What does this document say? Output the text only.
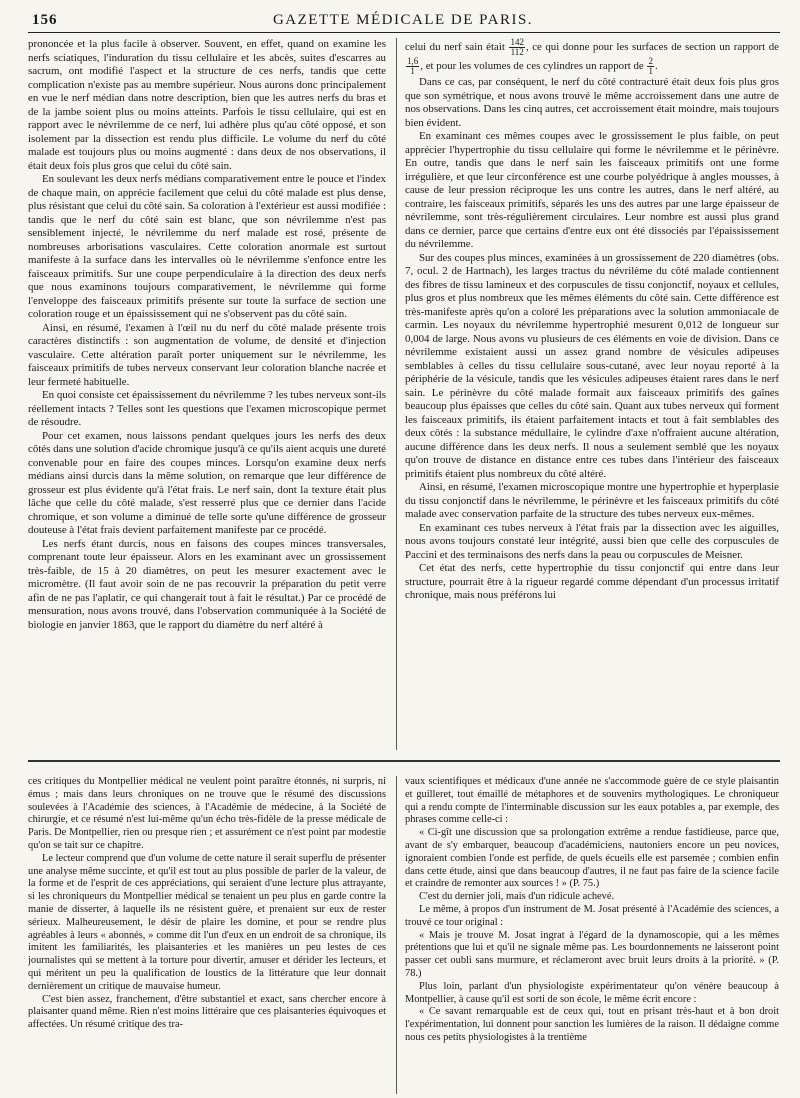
156	GAZETTE MÉDICALE DE PARIS.

prononcée et la plus facile à observer. Souvent, en effet, quand on examine les nerfs sciatiques, l'induration du tissu cellulaire et les abcès, suites d'escarres au sacrum, ont modifié l'aspect et la structure de ces nerfs, tandis que cette complication n'existe pas au membre supérieur. Nous aurons donc principalement en vue le nerf médian dans notre description, bien que les autres nerfs du bras et de la jambe soient plus ou moins atteints. Parfois le tissu cellulaire, qui est en rapport avec le névrilemme de ce nerf, lui adhère plus qu'au côté opposé, et son isolement par la dissection est rendu plus difficile. Le volume du nerf du côté malade est toujours plus ou moins augmenté : dans deux de nos observations, il était deux fois plus gros que celui du côté sain.

En soulevant les deux nerfs médians comparativement entre le pouce et l'index de chaque main, on apprécie facilement que celui du côté malade est plus dense, plus résistant que celui du côté sain. Sa coloration à l'extérieur est aussi modifiée : tandis que le nerf du côté sain est blanc, que son névrilemme n'est pas sensiblement injecté, le névrilemme du nerf malade est rosé, présente de nombreuses arborisations vasculaires. Cette coloration anormale est surtout manifeste à la surface dans les intervalles où le névrilemme s'enfonce entre les faisceaux primitifs. Sur une coupe perpendiculaire à la direction des deux nerfs que nous examinons toujours comparativement, le névrilemme qui forme l'enveloppe des faisceaux primitifs présente sur toute la surface de section une coloration rouge et un épaississement qui ne s'observent pas du côté sain.

Ainsi, en résumé, l'examen à l'œil nu du nerf du côté malade présente trois caractères distinctifs : son augmentation de volume, de densité et d'injection vasculaire. Cette altération paraît porter uniquement sur le névrilemme, les faisceaux primitifs de tubes nerveux conservant leur coloration blanche nacrée et leur fermeté habituelle.

En quoi consiste cet épaississement du névrilemme ? les tubes nerveux sont-ils réellement intacts ? Telles sont les questions que l'examen microscopique permet de résoudre.

Pour cet examen, nous laissons pendant quelques jours les nerfs des deux côtés dans une solution d'acide chromique jusqu'à ce qu'ils aient acquis une dureté convenable pour en faire des coupes minces. Lorsqu'on examine deux nerfs médians ainsi durcis dans la même solution, on remarque que leur différence de grosseur est plus évidente qu'à l'état frais. Le nerf sain, dont la texture était plus lâche que celle du côté malade, s'est resserré plus que ce dernier dans l'acide chromique, et son volume a diminué de telle sorte qu'une différence de grosseur douteuse à l'état frais devient parfaitement manifeste par ce procédé.

Les nerfs étant durcis, nous en faisons des coupes minces transversales, comprenant toute leur épaisseur. Alors en les examinant avec un grossissement très-faible, de 15 à 20 diamètres, on peut les mesurer exactement avec le micromètre. (Il faut avoir soin de ne pas recouvrir la préparation du petit verre afin de ne pas l'aplatir, ce qui changerait tout à fait le résultat.) Par ce procédé de mensuration, nous avons trouvé, dans l'observation communiquée à la Société de biologie en janvier 1863, que le rapport du diamètre du nerf altéré à

celui du nerf sain était $\frac{142}{112}$ , ce qui donne pour les surfaces de section un rapport de
$\frac{1,6}{1}$ , et pour les volumes de ces cylindres un rapport de $\frac{2}{1}$ .

Dans ce cas, par conséquent, le nerf du côté contracturé était deux fois plus gros que son symétrique, et nous avons trouvé le même accroissement dans une autre de nos observations. Dans les cinq autres, cet accroissement était moindre, mais toujours bien évident.

En examinant ces mêmes coupes avec le grossissement le plus faible, on peut apprécier l'hypertrophie du tissu cellulaire qui forme le névrilemme et le périnèvre. En outre, tandis que dans le nerf sain les faisceaux primitifs ont une forme irrégulière, et que leur circonférence est une courbe polyédrique à angles mousses, à cause de leur pression réciproque les uns contre les autres, dans le nerf altéré, au contraire, les faisceaux primitifs, séparés les uns des autres par une large épaisseur de névrilemme, sont très-régulièrement circulaires. Leur nombre est aussi plus grand dans ce dernier, parce que certains d'entre eux ont été dissociés par l'épaississement du névrilemme.

Sur des coupes plus minces, examinées à un grossissement de 220 diamètres (obs. 7, ocul. 2 de Hartnach), les larges tractus du névrilème du côté malade contiennent des fibres de tissu lamineux et des corpuscules de tissu conjonctif, noyaux et cellules, plus gros et plus nombreux que les mêmes éléments du côté sain. Cette différence est très-manifeste après qu'on a coloré les préparations avec la solution ammoniacale de carmin. Les noyaux du névrilemme hypertrophié mesurent 0,012 de longueur sur 0,004 de large. Nous avons vu plusieurs de ces éléments en voie de division. Dans ce névrilemme existaient aussi un assez grand nombre de vésicules adipeuses semblables à celles du tissu cellulaire sous-cutané, avec leur noyau reporté à la périphérie de la vésicule, tandis que les vésicules adipeuses étaient rares dans le nerf sain. Le périnèvre du côté malade formait aux faisceaux primitifs des gaînes beaucoup plus épaisses que celles du côté sain. Quant aux tubes nerveux qui forment les faisceaux primitifs, ils étaient parfaitement intacts et tout à fait semblables des deux côtés : la substance médullaire, le cylindre d'axe n'offraient aucune altération, aucune différence dans les deux nerfs. Il nous a seulement semblé que les noyaux qu'on trouve de distance en distance entre ces tubes dans l'intérieur des faisceaux primitifs étaient plus nombreux du côté altéré.

Ainsi, en résumé, l'examen microscopique montre une hypertrophie et hyperplasie du tissu conjonctif dans le névrilemme, le périnèvre et les faisceaux primitifs du côté malade avec conservation parfaite de la structure des tubes nerveux eux-mêmes.

En examinant ces tubes nerveux à l'état frais par la dissection avec les aiguilles, nous avons toujours constaté leur intégrité, aussi bien que celle des corpuscules de Paccini et des terminaisons des nerfs dans la peau ou corpuscules de Meisner.

Cet état des nerfs, cette hypertrophie du tissu conjonctif qui entre dans leur structure, pourrait être à la rigueur regardé comme dépendant d'un processus irritatif chronique, mais nous préférons lui

ces critiques du Montpellier médical ne veulent point paraître étonnés, ni surpris, ni émus ; mais dans leurs chroniques on ne trouve que le résumé des discussions soulevées à l'Académie des sciences, à l'Académie de médecine, à la Société de chirurgie, et ce résumé n'est lui-même qu'un écho très-fidèle de la presse médicale de Paris. De Montpellier, rien ou presque rien ; et assurément ce n'est point par modestie qu'on se tait sur ce chapitre.

Le lecteur comprend que d'un volume de cette nature il serait superflu de présenter une analyse même succinte, et qu'il est tout au plus possible de parler de la valeur, de la forme et de l'esprit de ces appréciations, qui seraient d'une lecture plus attrayante, si les chroniqueurs du Montpellier médical se tenaient un peu plus en garde contre la manie de disserter, à laquelle ils ne résistent guère, et prenaient sur eux de rester sérieux. Malheureusement, le désir de plaire les domine, et pour se rendre plus agréables à leurs « abonnés, » comme dit l'un d'eux en un endroit de sa chronique, ils imitent les familiarités, les plaisanteries et les manières un peu lestes de ces journalistes qui se mettent à la torture pour divertir, amuser et dérider les lecteurs, et qui méritent un peu la qualification de loustics de la littérature que leur donnait dernièrement un critique de mauvaise humeur.

C'est bien assez, franchement, d'être substantiel et exact, sans chercher encore à plaisanter quand même. Rien n'est moins littéraire que ces plaisanteries équivoques et affectées. Un résumé critique des tra-

vaux scientifiques et médicaux d'une année ne s'accommode guère de ce style plaisantin et guilleret, tout émaillé de métaphores et de souvenirs mythologiques. Le chroniqueur qui a rendu compte de l'interminable discussion sur les eaux potables a, par exemple, des phrases comme celle-ci :

« Ci-gît une discussion que sa prolongation extrême a rendue fastidieuse, parce que, avant de s'y embarquer, beaucoup d'académiciens, nautoniers encore un peu novices, ignoraient combien l'onde est perfide, de quels écueils elle est parsemée ; combien enfin dans cette étude, ainsi que dans beaucoup d'autres, il ne faut pas faire de la science facile et craindre de remonter aux sources ! » (P. 75.)

C'est du dernier joli, mais d'un ridicule achevé.

Le même, à propos d'un instrument de M. Josat présenté à l'Académie des sciences, a trouvé ce tour original :

« Mais je trouve M. Josat ingrat à l'égard de la dynamoscopie, qui a les mêmes prétentions que lui et qu'il ne signale même pas. Les bourdonnements ne laisseront point passer cet oubli sans murmure, et réclameront avec bruit leurs droits à la priorité. » (P. 78.)

Plus loin, parlant d'un physiologiste expérimentateur qu'on vénère beaucoup à Montpellier, à cause qu'il est sorti de son école, le même écrit encore :

« Ce savant remarquable est de ceux qui, tout en prisant très-haut et à bon droit l'expérimentation, lui donnent pour sanction les lumières de la raison. Il dédaigne comme nous ces petits physiologistes à la trentième
